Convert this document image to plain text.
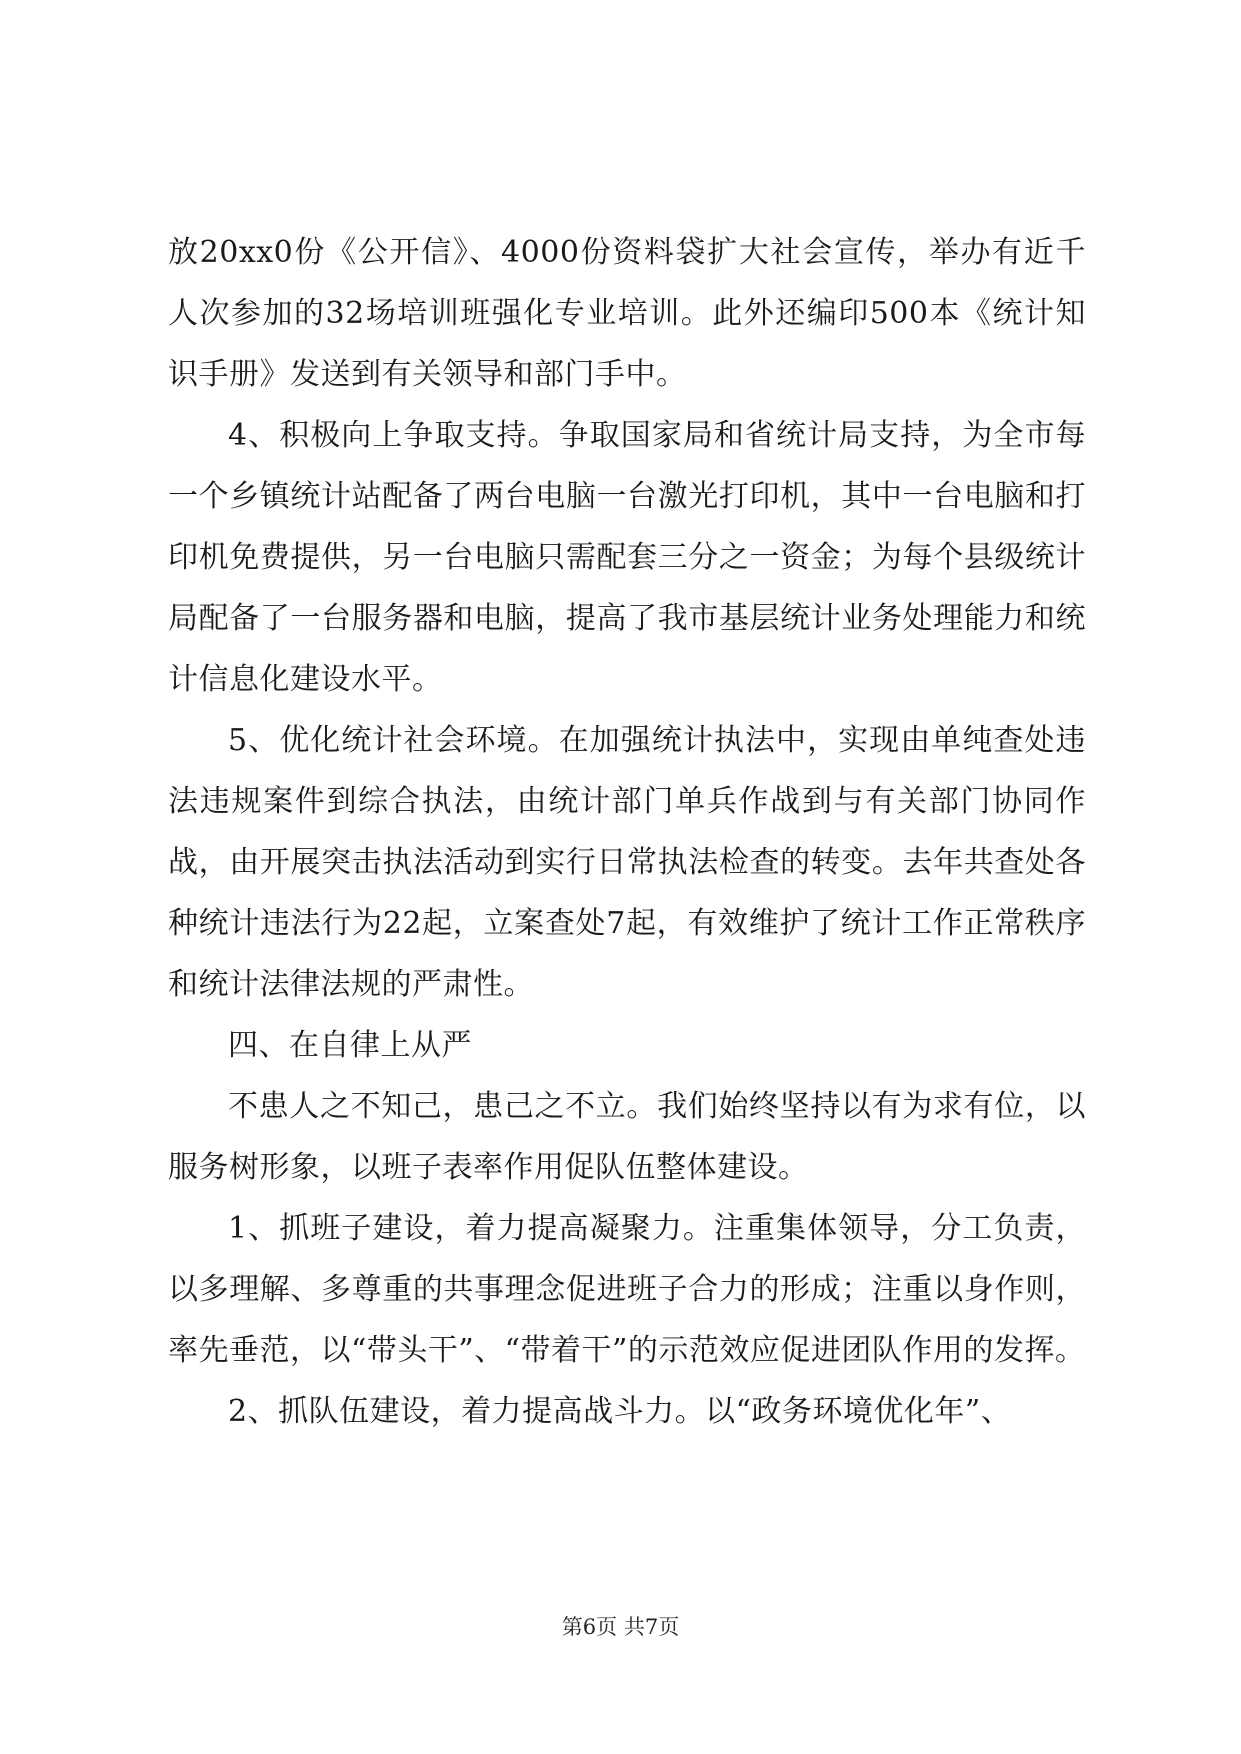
放20xx0份《公开信》、4000份资料袋扩大社会宣传，举办有近千人次参加的32场培训班强化专业培训。此外还编印500本《统计知识手册》发送到有关领导和部门手中。

4、积极向上争取支持。争取国家局和省统计局支持，为全市每一个乡镇统计站配备了两台电脑一台激光打印机，其中一台电脑和打印机免费提供，另一台电脑只需配套三分之一资金；为每个县级统计局配备了一台服务器和电脑，提高了我市基层统计业务处理能力和统计信息化建设水平。

5、优化统计社会环境。在加强统计执法中，实现由单纯查处违法违规案件到综合执法，由统计部门单兵作战到与有关部门协同作战，由开展突击执法活动到实行日常执法检查的转变。去年共查处各种统计违法行为22起，立案查处7起，有效维护了统计工作正常秩序和统计法律法规的严肃性。

四、在自律上从严

不患人之不知己，患己之不立。我们始终坚持以有为求有位，以服务树形象，以班子表率作用促队伍整体建设。

1、抓班子建设，着力提高凝聚力。注重集体领导，分工负责，以多理解、多尊重的共事理念促进班子合力的形成；注重以身作则，率先垂范，以“带头干”、“带着干”的示范效应促进团队作用的发挥。

2、抓队伍建设，着力提高战斗力。以“政务环境优化年”、

第6页 共7页
